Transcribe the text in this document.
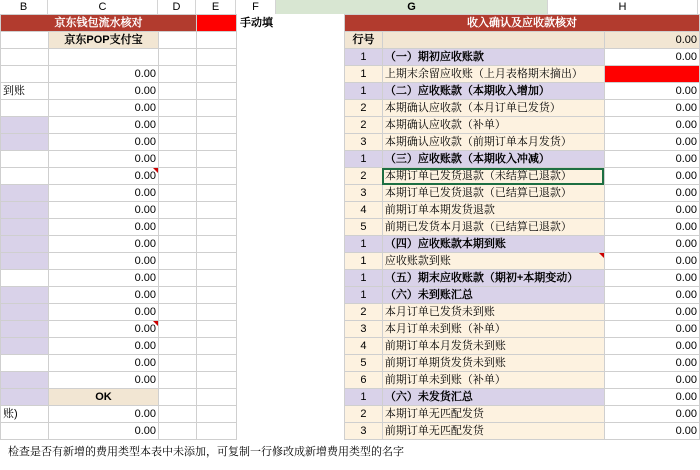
B	C	D	E	F	G	H
京东钱包流水核对				手动填
	京东POP支付宝			

	0.00			
到账	0.00			
	0.00			
	0.00			
	0.00			
	0.00			
	0.00			
	0.00			
	0.00			
	0.00			
	0.00			
	0.00			
	0.00			
	0.00			
	0.00			
	0.00			
	0.00			
	0.00			
	0.00			
	OK			
账)	0.00			
	0.00			
收入确认及应收款核对		
行号		0.00
1	（一）期初应收账款	0.00
1	上期末余留应收账（上月表格期末摘出）	
1	（二）应收账款（本期收入增加）	0.00
2	本期确认应收款（本月订单已发货）	0.00
2	本期确认应收款（补单）	0.00
3	本期确认应收款（前期订单本月发货）	0.00
1	（三）应收账款（本期收入冲减）	0.00
2	本期订单已发货退款（未结算已退款）	0.00
3	本期订单已发货退款（已结算已退款）	0.00
4	前期订单本期发货退款	0.00
5	前期已发货本月退款（已结算已退款）	0.00
1	（四）应收账款本期到账	0.00
1	应收账款到账	0.00
1	（五）期末应收账款（期初+本期变动）	0.00
1	（六）未到账汇总	0.00
2	本月订单已发货未到账	0.00
3	本月订单未到账（补单）	0.00
4	前期订单本月发货未到账	0.00
5	前期订单期货发货未到账	0.00
6	前期订单未到账（补单）	0.00
1	（六）未发货汇总	0.00
2	本期订单无匹配发货	0.00
3	前期订单无匹配发货	0.00
检查是否有新增的费用类型本表中未添加，可复制一行修改成新增费用类型的名字
